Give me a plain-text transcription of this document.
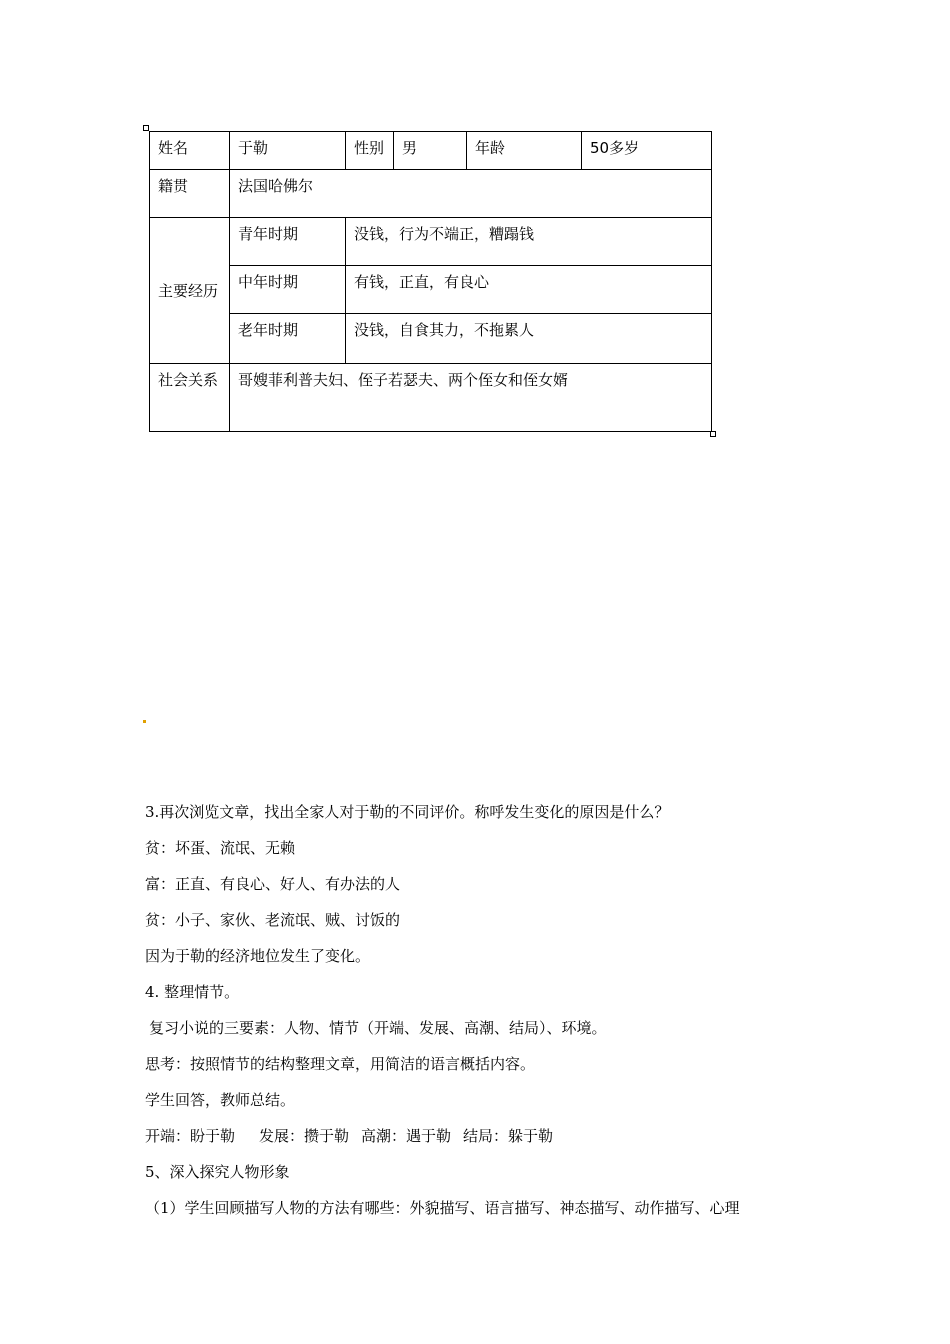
姓名	于勒	性别	男	年龄	50多岁
籍贯	法国哈佛尔				
主要经历	青年时期	没钱，行为不端正，糟蹋钱			
	中年时期	有钱，正直，有良心			
	老年时期	没钱，自食其力，不拖累人			
社会关系	哥嫂菲利普夫妇、侄子若瑟夫、两个侄女和侄女婿				

3.再次浏览文章，找出全家人对于勒的不同评价。称呼发生变化的原因是什么？

贫：坏蛋、流氓、无赖

富：正直、有良心、好人、有办法的人

贫：小子、家伙、老流氓、贼、讨饭的

因为于勒的经济地位发生了变化。

4. 整理情节。

复习小说的三要素：人物、情节（开端、发展、高潮、结局）、环境。

思考：按照情节的结构整理文章，用简洁的语言概括内容。

学生回答，教师总结。

开端：盼于勒 发展：攒于勒 高潮：遇于勒 结局：躲于勒

5、深入探究人物形象

（1）学生回顾描写人物的方法有哪些：外貌描写、语言描写、神态描写、动作描写、心理
